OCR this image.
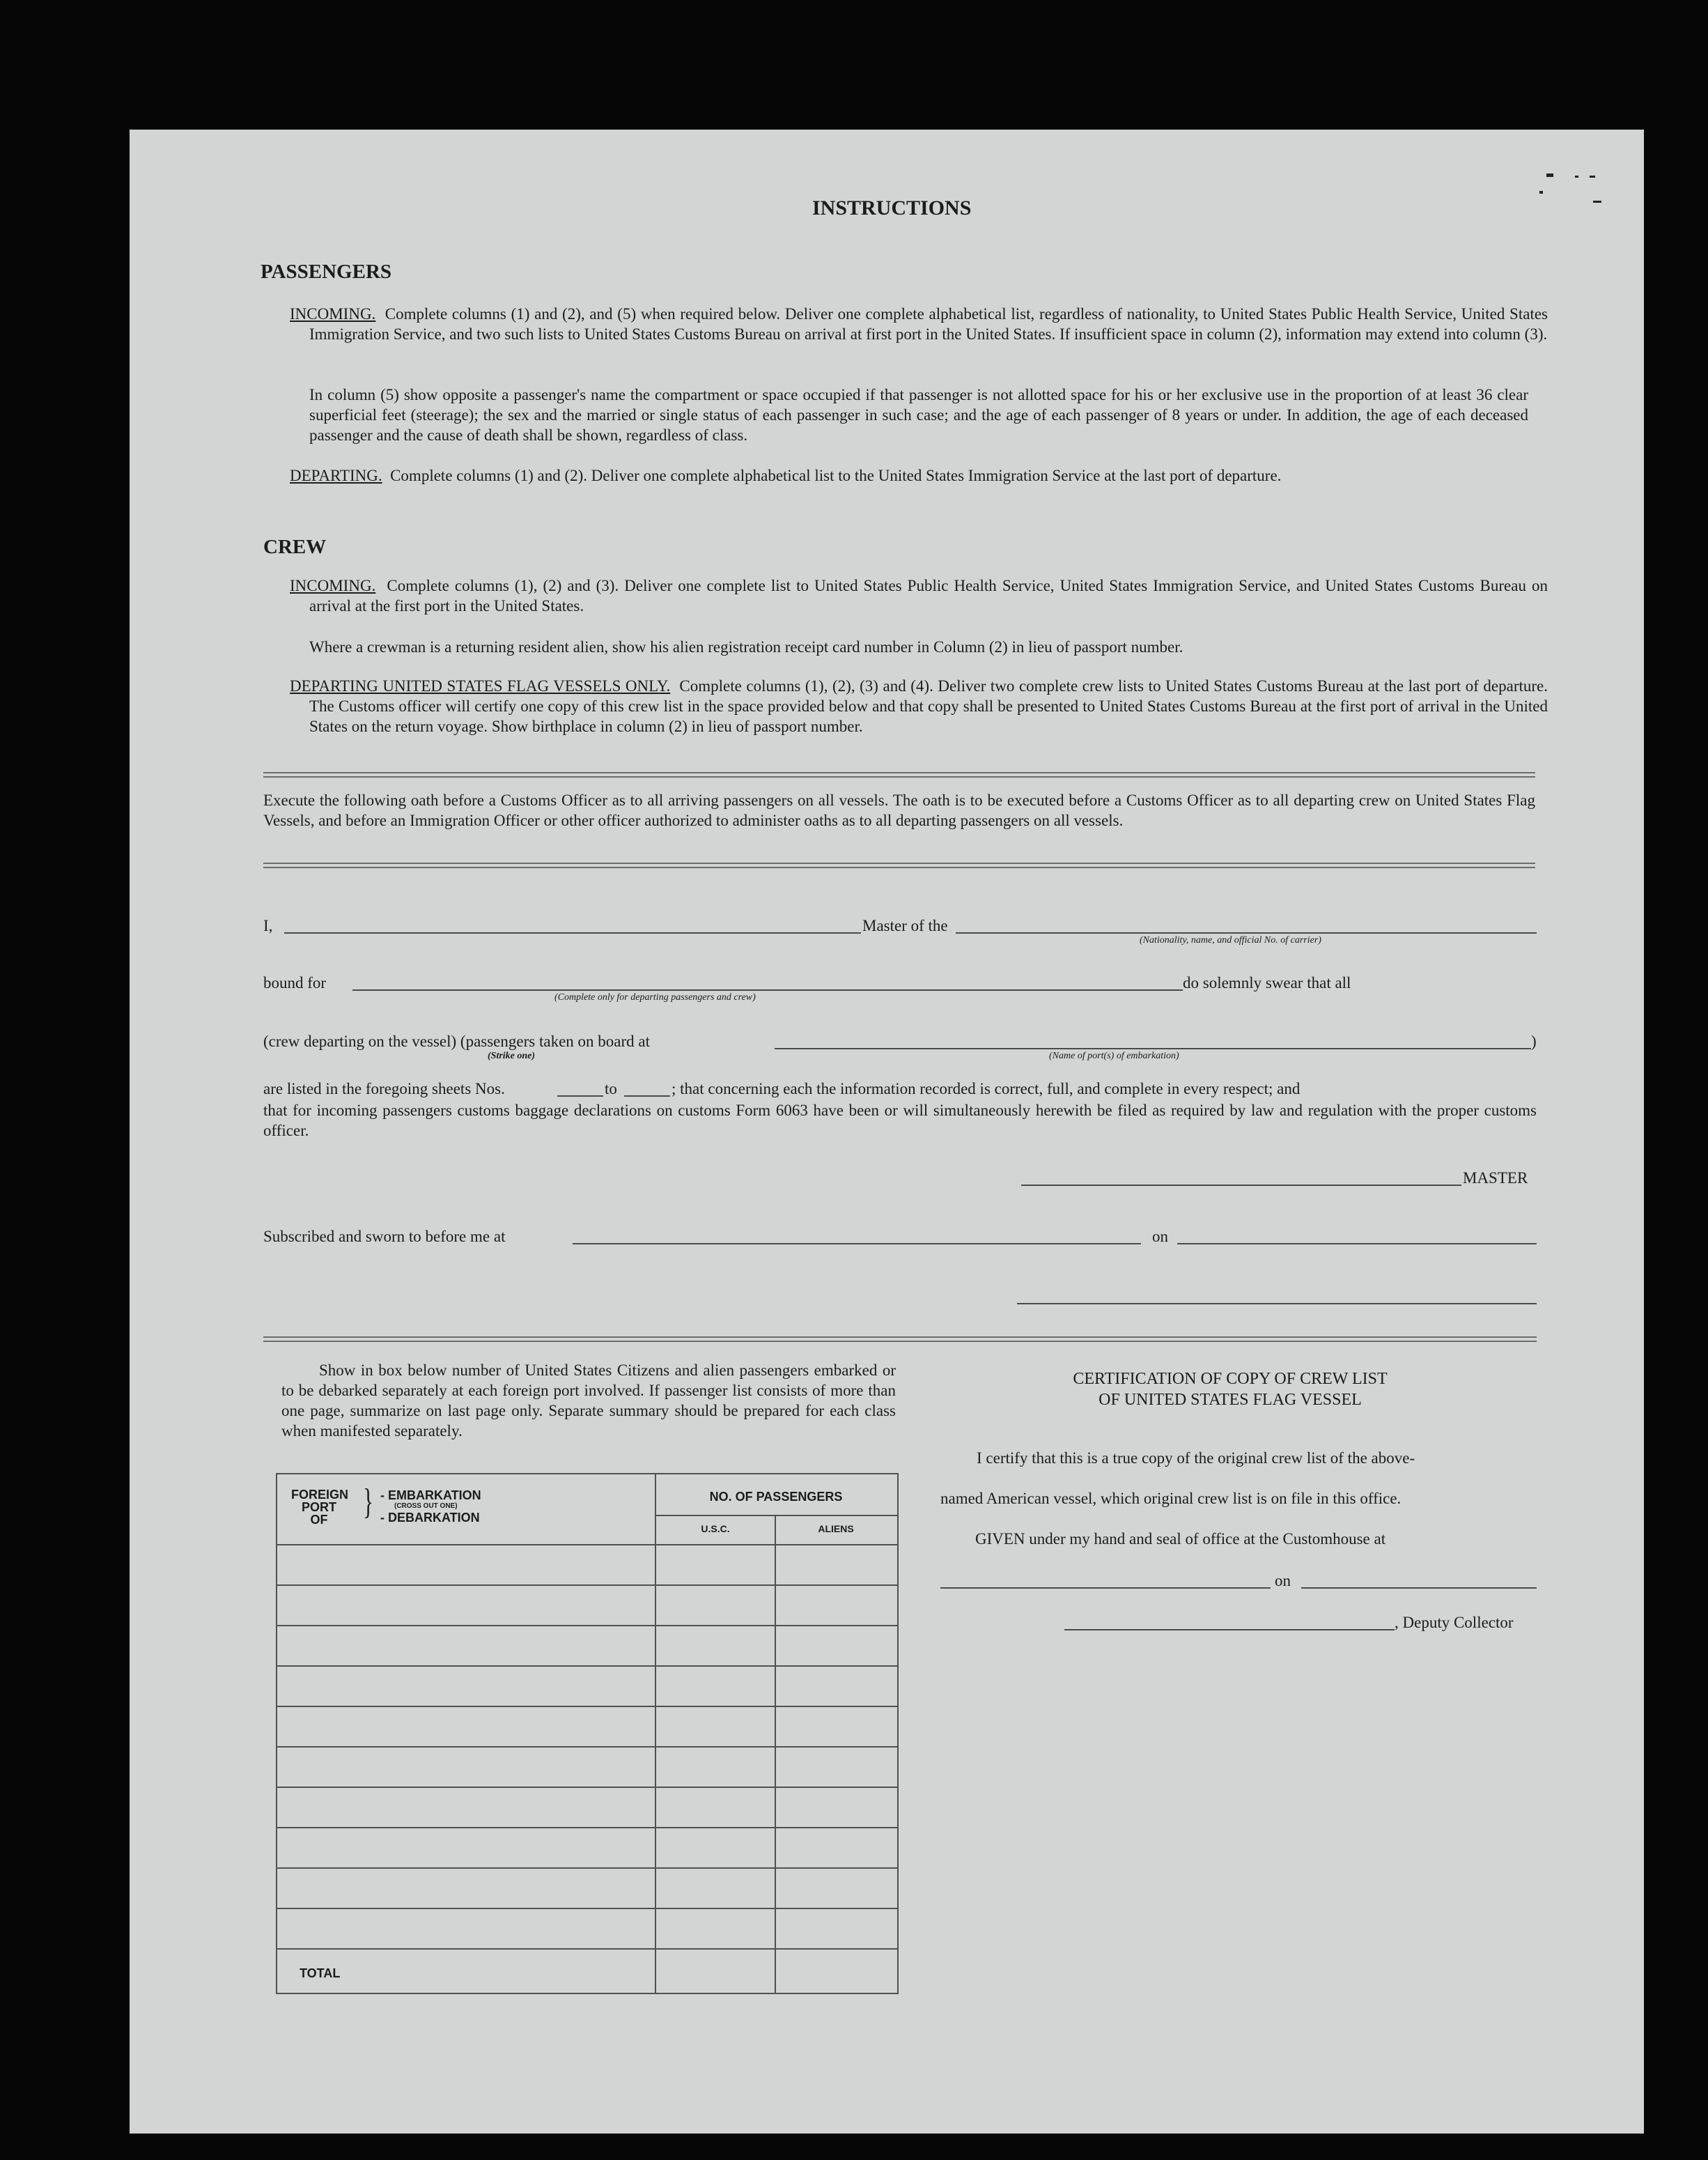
INSTRUCTIONS
PASSENGERS
INCOMING. Complete columns (1) and (2), and (5) when required below. Deliver one complete alphabetical list, regardless of nationality, to United States Public Health Service, United States Immigration Service, and two such lists to United States Customs Bureau on arrival at first port in the United States. If insufficient space in column (2), information may extend into column (3).
In column (5) show opposite a passenger's name the compartment or space occupied if that passenger is not allotted space for his or her exclusive use in the proportion of at least 36 clear superficial feet (steerage); the sex and the married or single status of each passenger in such case; and the age of each passenger of 8 years or under. In addition, the age of each deceased passenger and the cause of death shall be shown, regardless of class.
DEPARTING. Complete columns (1) and (2). Deliver one complete alphabetical list to the United States Immigration Service at the last port of departure.
CREW
INCOMING. Complete columns (1), (2) and (3). Deliver one complete list to United States Public Health Service, United States Immigration Service, and United States Customs Bureau on arrival at the first port in the United States.
Where a crewman is a returning resident alien, show his alien registration receipt card number in Column (2) in lieu of passport number.
DEPARTING UNITED STATES FLAG VESSELS ONLY. Complete columns (1), (2), (3) and (4). Deliver two complete crew lists to United States Customs Bureau at the last port of departure. The Customs officer will certify one copy of this crew list in the space provided below and that copy shall be presented to United States Customs Bureau at the first port of arrival in the United States on the return voyage. Show birthplace in column (2) in lieu of passport number.
Execute the following oath before a Customs Officer as to all arriving passengers on all vessels. The oath is to be executed before a Customs Officer as to all departing crew on United States Flag Vessels, and before an Immigration Officer or other officer authorized to administer oaths as to all departing passengers on all vessels.
I,	Master of the
(Nationality, name, and official No. of carrier)
bound for
(Complete only for departing passengers and crew)
do solemnly swear that all
(crew departing on the vessel) (passengers taken on board at
(Strike one)
)
(Name of port(s) of embarkation)
are listed in the foregoing sheets Nos.	to	; that concerning each the information recorded is correct, full, and complete in every respect; and
that for incoming passengers customs baggage declarations on customs Form 6063 have been or will simultaneously herewith be filed as required by law and regulation with the proper customs officer.
MASTER
Subscribed and sworn to before me at	on
Show in box below number of United States Citizens and alien passengers embarked or to be debarked separately at each foreign port involved. If passenger list consists of more than one page, summarize on last page only. Separate summary should be prepared for each class when manifested separately.
FOREIGN
PORT
OF } - EMBARKATION
(CROSS OUT ONE)
- DEBARKATION
NO. OF PASSENGERS
U.S.C.	ALIENS
TOTAL
CERTIFICATION OF COPY OF CREW LIST
OF UNITED STATES FLAG VESSEL
I certify that this is a true copy of the original crew list of the above-
named American vessel, which original crew list is on file in this office.
GIVEN under my hand and seal of office at the Customhouse at
on
, Deputy Collector
